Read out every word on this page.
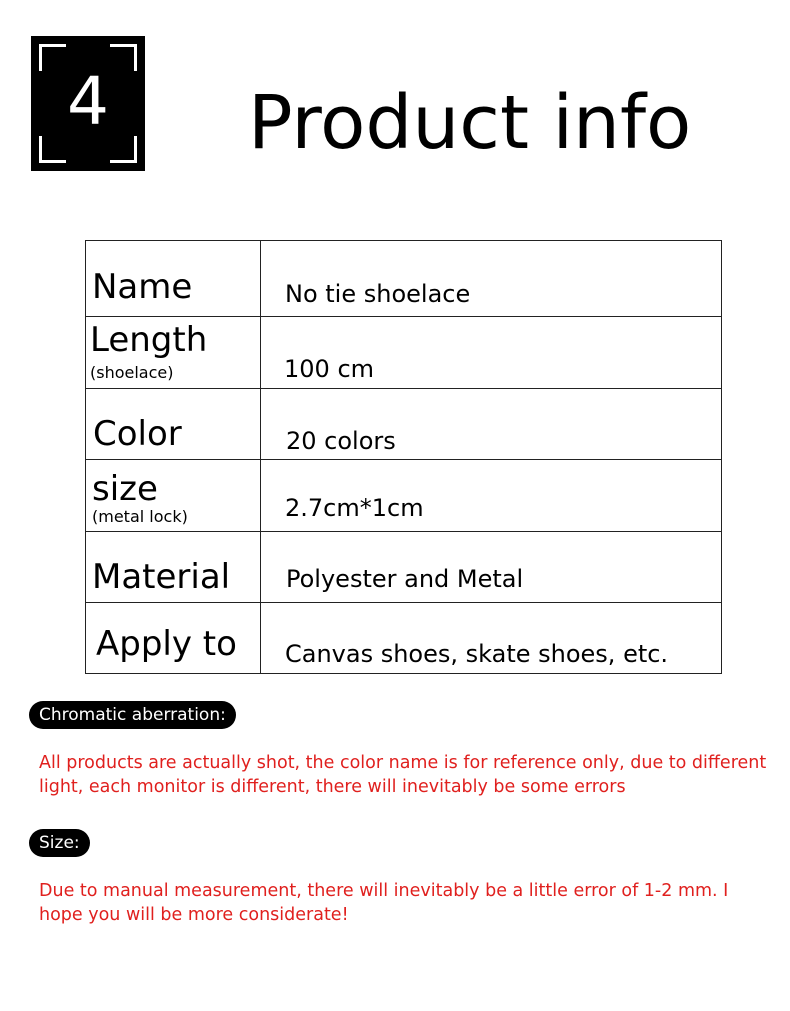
4	Product info
Name	No tie shoelace

Length
(shoelace)	100 cm

Color	20 colors

size
(metal lock)	2.7cm*1cm

Material	Polyester and Metal

Apply to	Canvas shoes, skate shoes, etc.
Chromatic aberration:
All products are actually shot, the color name is for reference only, due to different light, each monitor is different, there will inevitably be some errors
Size:
Due to manual measurement, there will inevitably be a little error of 1-2 mm. I hope you will be more considerate!
